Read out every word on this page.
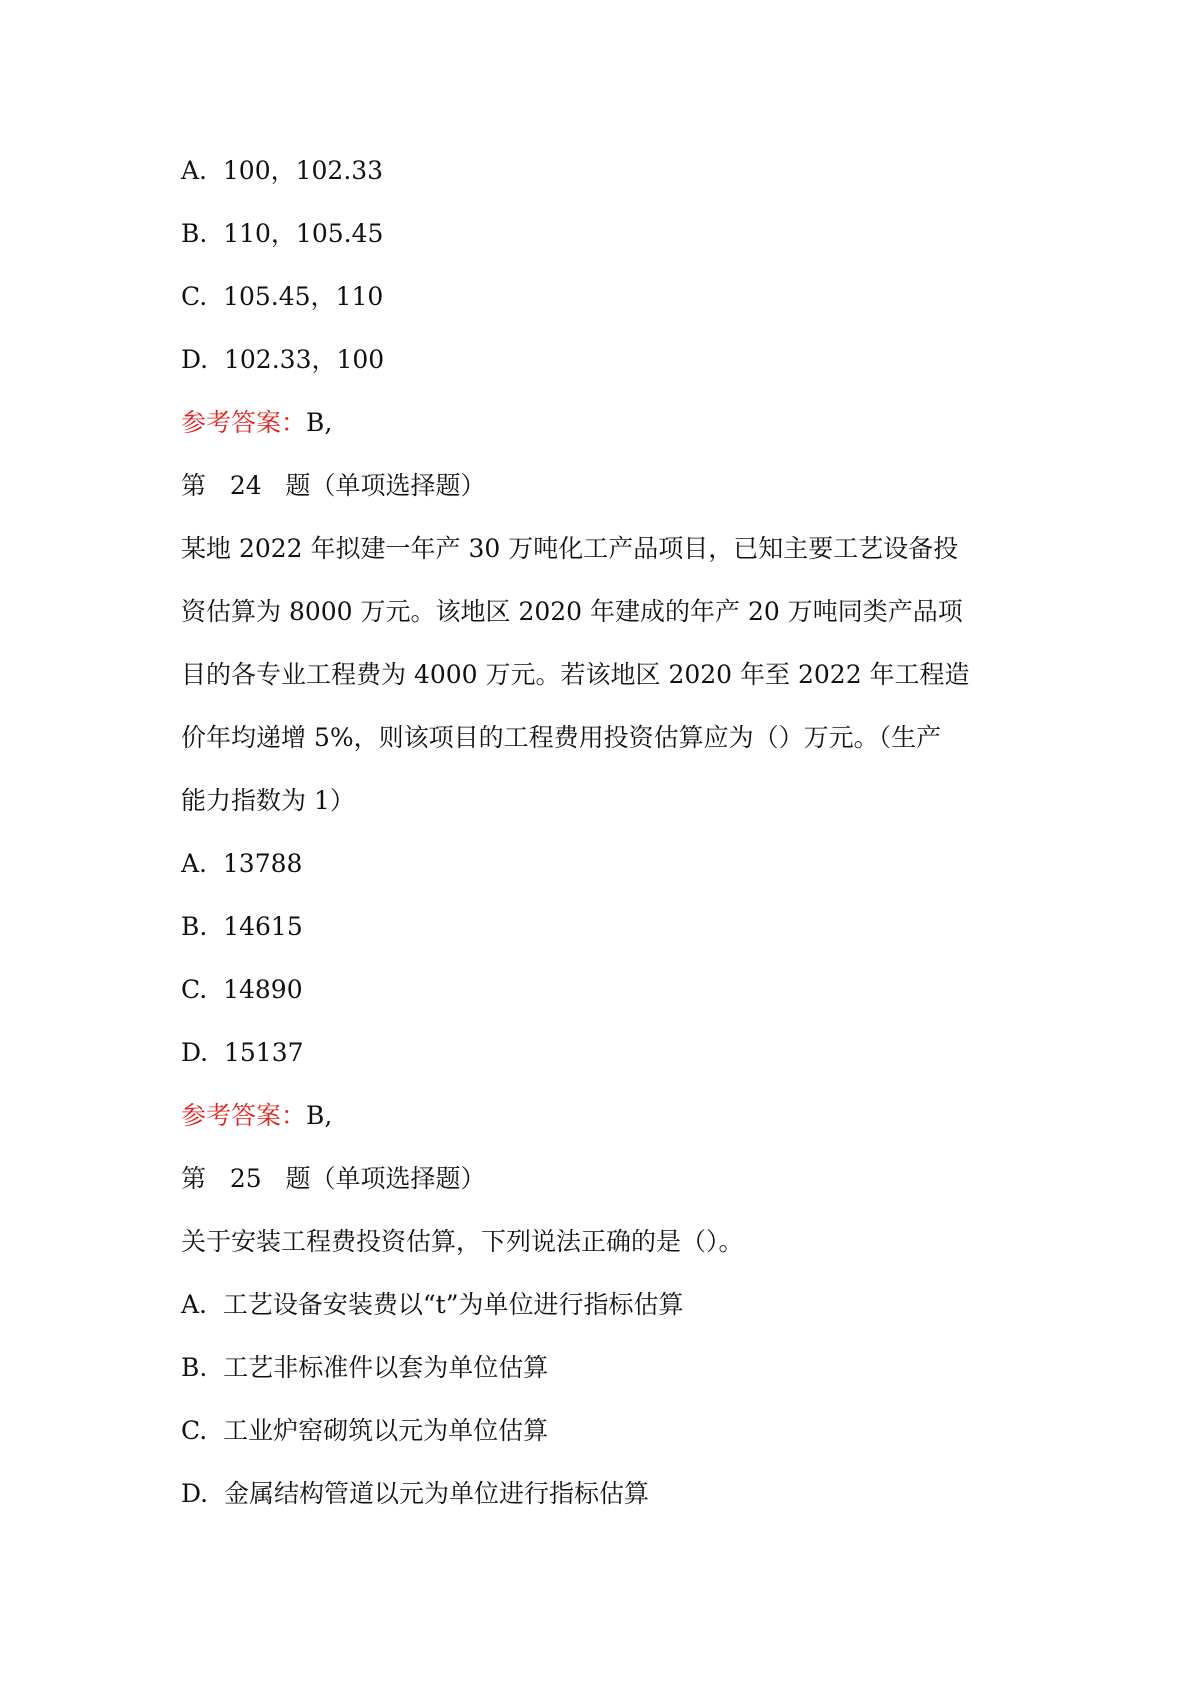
A.  100，102.33
B.  110，105.45
C.  105.45，110
D.  102.33，100
参考答案：B,
第   24   题（单项选择题）
某地 2022 年拟建一年产 30 万吨化工产品项目，已知主要工艺设备投
资估算为 8000 万元。该地区 2020 年建成的年产 20 万吨同类产品项
目的各专业工程费为 4000 万元。若该地区 2020 年至 2022 年工程造
价年均递增 5%，则该项目的工程费用投资估算应为（）万元。（生产
能力指数为 1）
A.  13788
B.  14615
C.  14890
D.  15137
参考答案：B,
第   25   题（单项选择题）
关于安装工程费投资估算，下列说法正确的是（）。
A.  工艺设备安装费以“t”为单位进行指标估算
B.  工艺非标准件以套为单位估算
C.  工业炉窑砌筑以元为单位估算
D.  金属结构管道以元为单位进行指标估算
